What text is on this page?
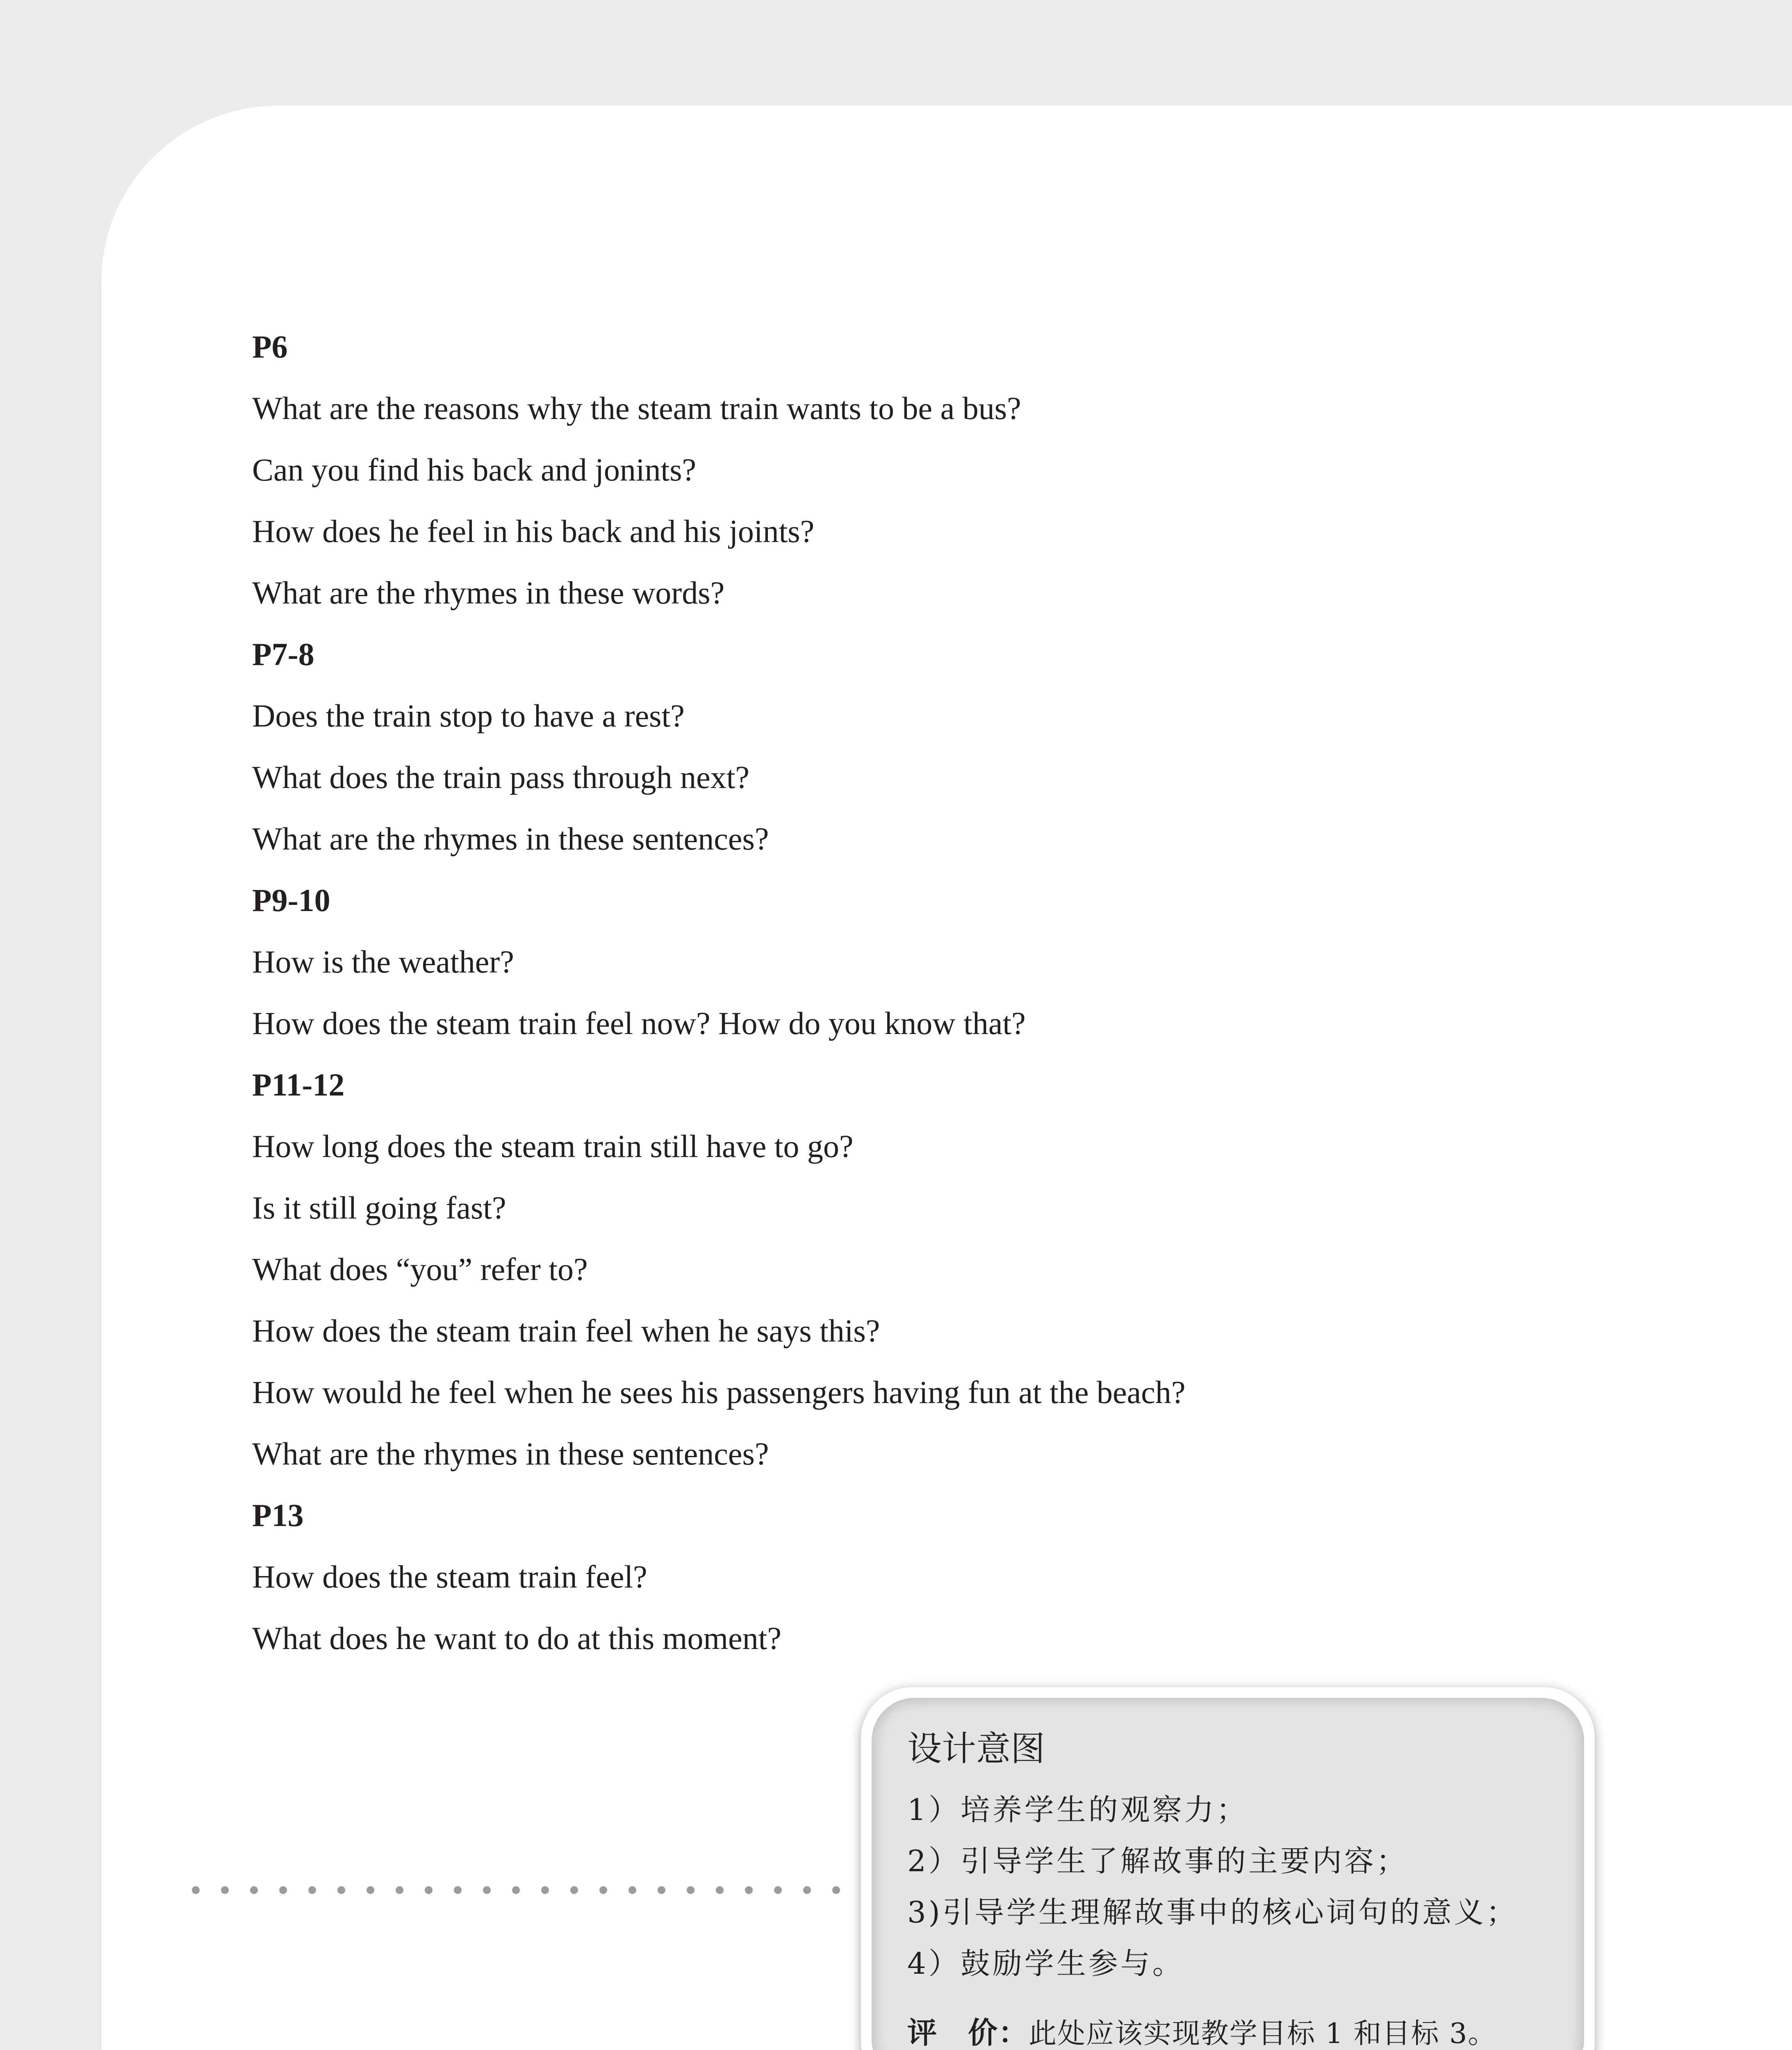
P6
What are the reasons why the steam train wants to be a bus?
Can you find his back and jonints?
How does he feel in his back and his joints?
What are the rhymes in these words?
P7-8
Does the train stop to have a rest?
What does the train pass through next?
What are the rhymes in these sentences?
P9-10
How is the weather?
How does the steam train feel now? How do you know that?
P11-12
How long does the steam train still have to go?
Is it still going fast?
What does “you” refer to?
How does the steam train feel when he says this?
How would he feel when he sees his passengers having fun at the beach?
What are the rhymes in these sentences?
P13
How does the steam train feel?
What does he want to do at this moment?
设计意图
1）培养学生的观察力；
2）引导学生了解故事的主要内容；
3)引导学生理解故事中的核心词句的意义；
4）鼓励学生参与。
评　价：此处应该实现教学目标 1 和目标 3。
